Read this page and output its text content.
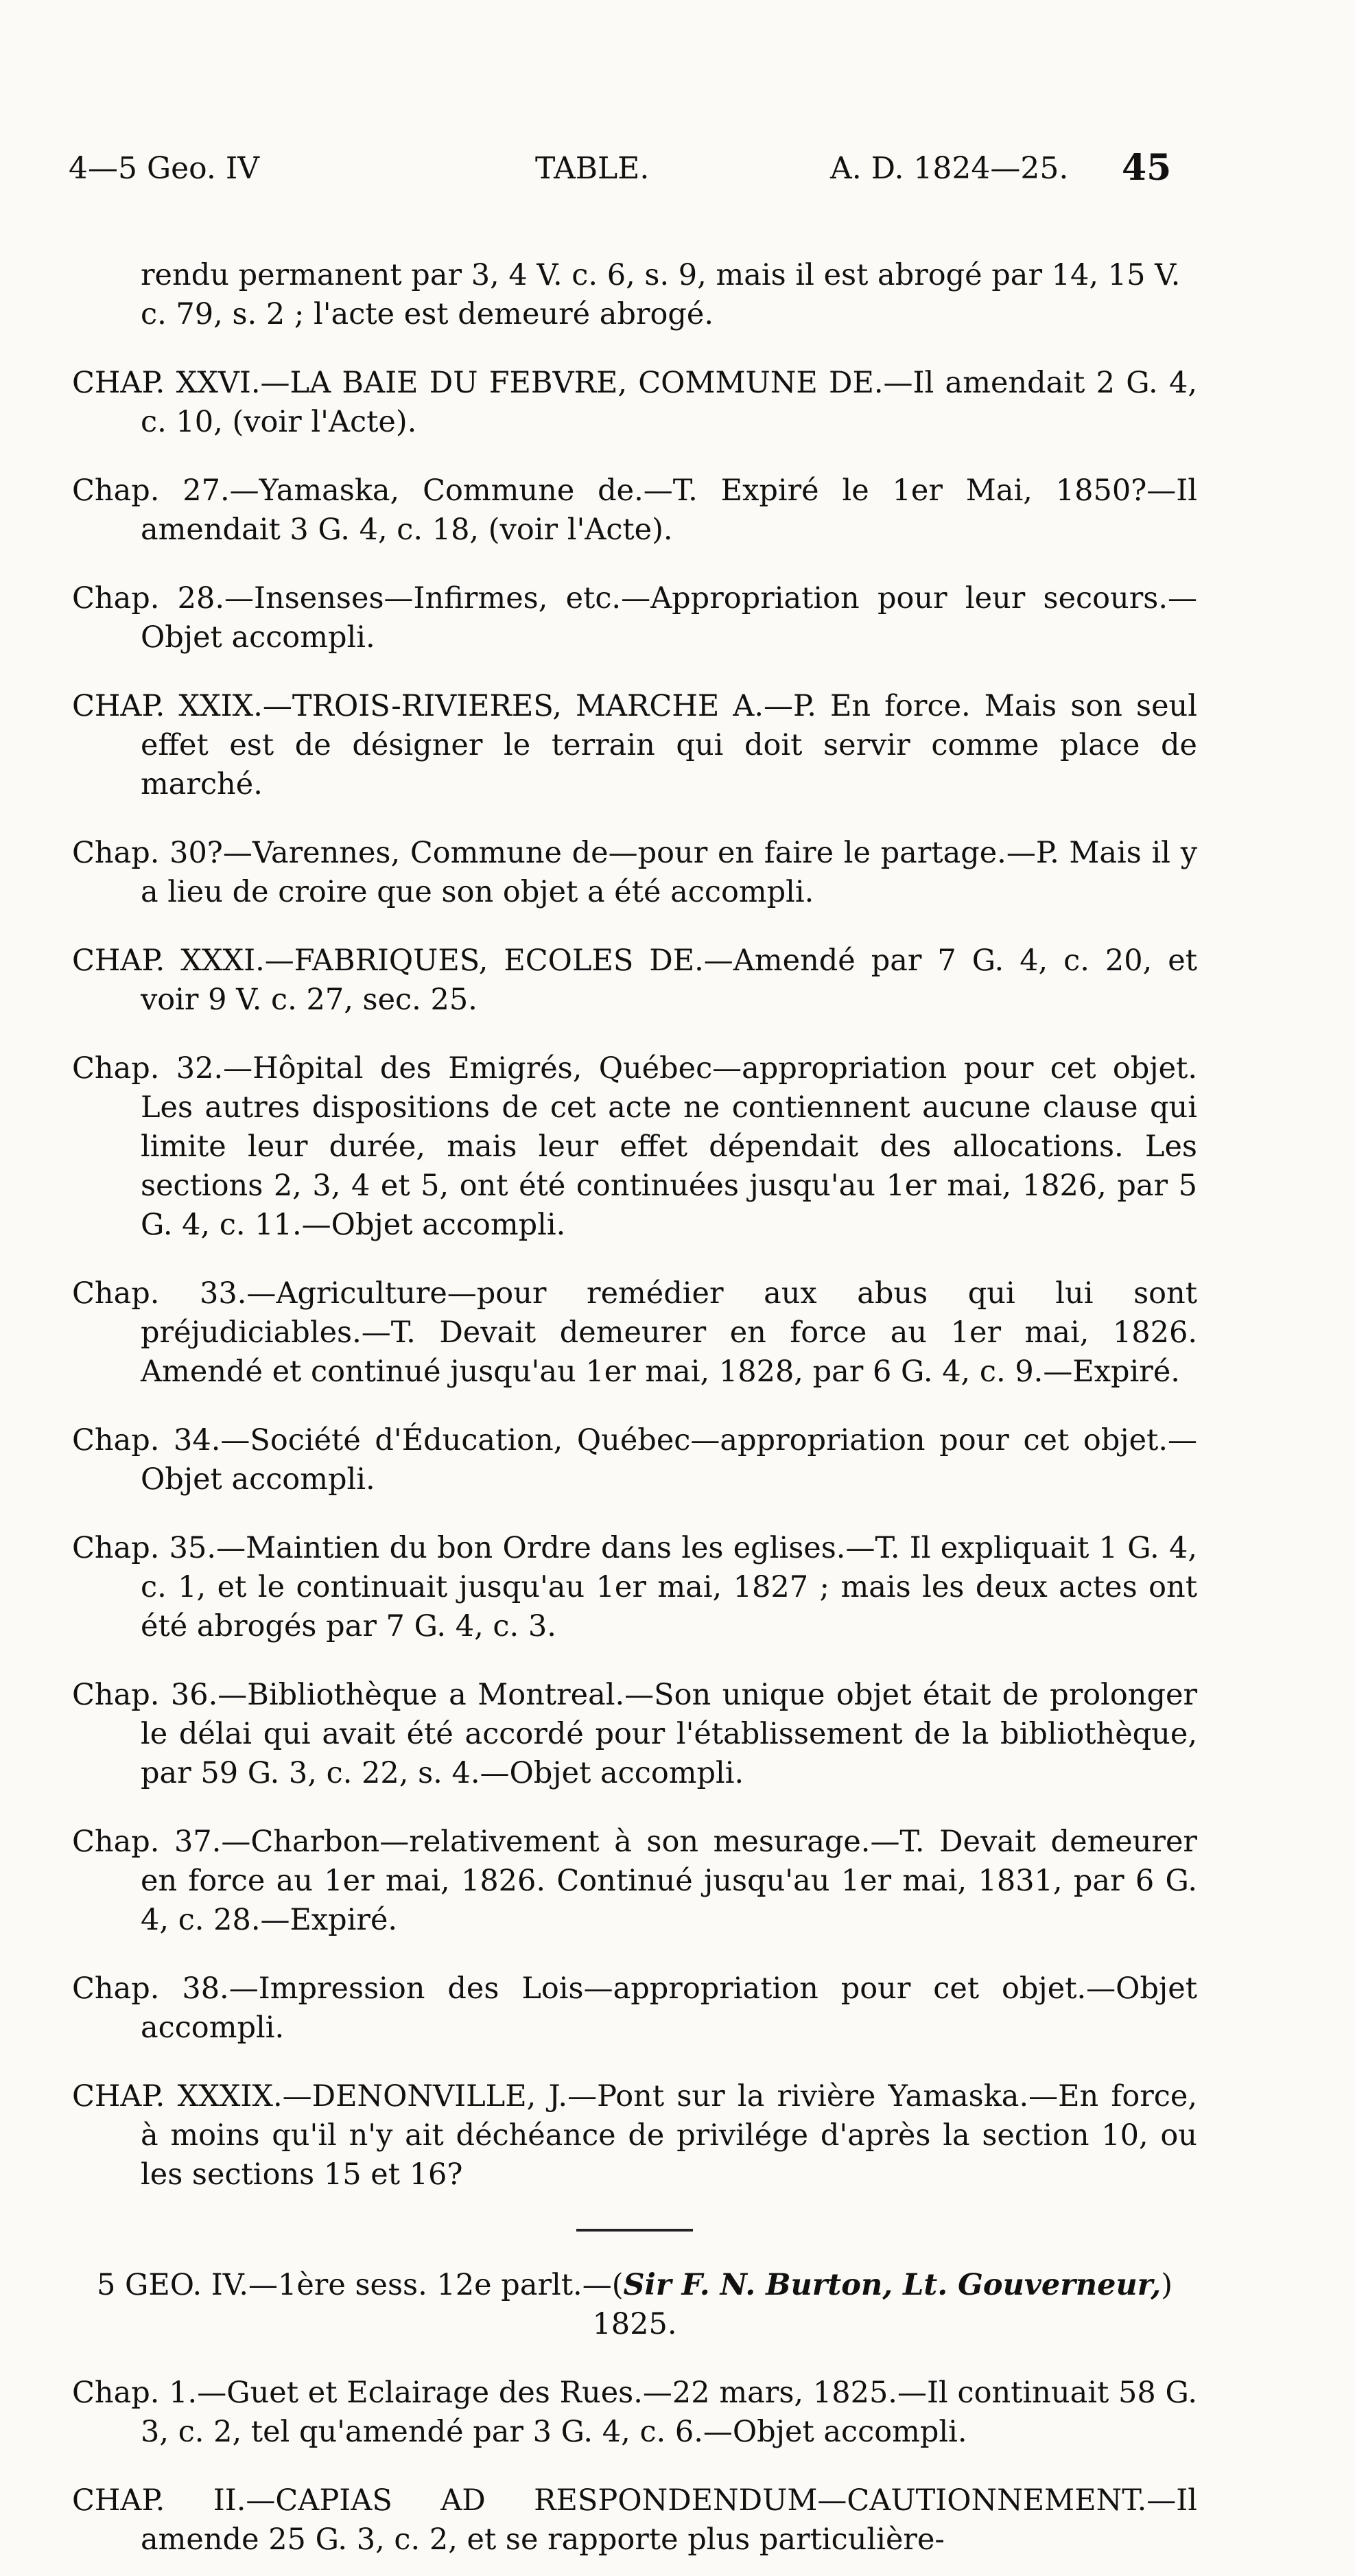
4—5 Geo. IV	TABLE.	A. D. 1824—25. 45

rendu permanent par 3, 4 V. c. 6, s. 9, mais il est abrogé par 14, 15 V. c. 79, s. 2 ; l'acte est demeuré abrogé.

CHAP. XXVI.—LA BAIE DU FEBVRE, COMMUNE DE.—Il amendait 2 G. 4, c. 10, (voir l'Acte).

Chap. 27.—Yamaska, Commune de.—T. Expiré le 1er Mai, 1850?—Il amendait 3 G. 4, c. 18, (voir l'Acte).

Chap. 28.—Insenses—Infirmes, etc.—Appropriation pour leur secours.—Objet accompli.

CHAP. XXIX.—TROIS-RIVIERES, MARCHE A.—P. En force. Mais son seul effet est de désigner le terrain qui doit servir comme place de marché.

Chap. 30?—Varennes, Commune de—pour en faire le partage.—P. Mais il y a lieu de croire que son objet a été accompli.

CHAP. XXXI.—FABRIQUES, ECOLES DE.—Amendé par 7 G. 4, c. 20, et voir 9 V. c. 27, sec. 25.

Chap. 32.—Hôpital des Emigrés, Québec—appropriation pour cet objet. Les autres dispositions de cet acte ne contiennent aucune clause qui limite leur durée, mais leur effet dépendait des allocations. Les sections 2, 3, 4 et 5, ont été continuées jusqu'au 1er mai, 1826, par 5 G. 4, c. 11.—Objet accompli.

Chap. 33.—Agriculture—pour remédier aux abus qui lui sont préjudiciables.—T. Devait demeurer en force au 1er mai, 1826. Amendé et continué jusqu'au 1er mai, 1828, par 6 G. 4, c. 9.—Expiré.

Chap. 34.—Société d'Éducation, Québec—appropriation pour cet objet.—Objet accompli.

Chap. 35.—Maintien du bon Ordre dans les eglises.—T. Il expliquait 1 G. 4, c. 1, et le continuait jusqu'au 1er mai, 1827 ; mais les deux actes ont été abrogés par 7 G. 4, c. 3.

Chap. 36.—Bibliothèque a Montreal.—Son unique objet était de prolonger le délai qui avait été accordé pour l'établissement de la bibliothèque, par 59 G. 3, c. 22, s. 4.—Objet accompli.

Chap. 37.—Charbon—relativement à son mesurage.—T. Devait demeurer en force au 1er mai, 1826. Continué jusqu'au 1er mai, 1831, par 6 G. 4, c. 28.—Expiré.

Chap. 38.—Impression des Lois—appropriation pour cet objet.—Objet accompli.

CHAP. XXXIX.—DENONVILLE, J.—Pont sur la rivière Yamaska.—En force, à moins qu'il n'y ait déchéance de privilége d'après la section 10, ou les sections 15 et 16?

5 GEO. IV.—1ère sess. 12e parlt.—(Sir F. N. Burton, Lt. Gouverneur,)
1825.

Chap. 1.—Guet et Eclairage des Rues.—22 mars, 1825.—Il continuait 58 G. 3, c. 2, tel qu'amendé par 3 G. 4, c. 6.—Objet accompli.

CHAP. II.—CAPIAS AD RESPONDENDUM—CAUTIONNEMENT.—Il amende 25 G. 3, c. 2, et se rapporte plus particulière-
